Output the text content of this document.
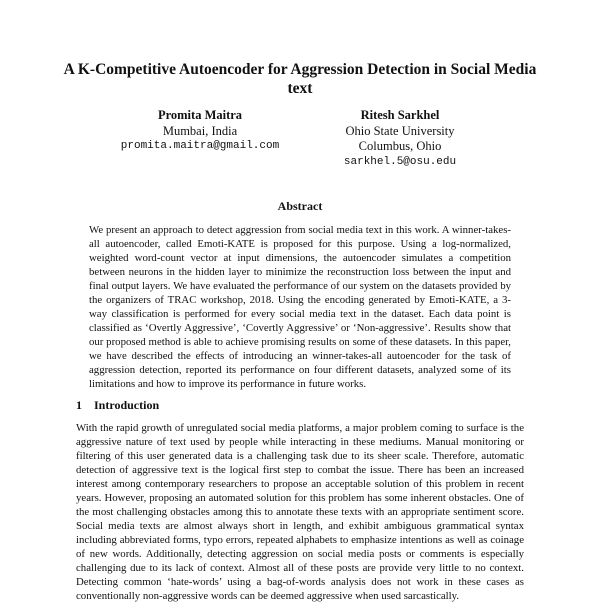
A K-Competitive Autoencoder for Aggression Detection in Social Media text
Promita Maitra
Mumbai, India
promita.maitra@gmail.com
Ritesh Sarkhel
Ohio State University
Columbus, Ohio
sarkhel.5@osu.edu
Abstract
We present an approach to detect aggression from social media text in this work. A winner-takes-all autoencoder, called Emoti-KATE is proposed for this purpose. Using a log-normalized, weighted word-count vector at input dimensions, the autoencoder simulates a competition between neurons in the hidden layer to minimize the reconstruction loss between the input and final output layers. We have evaluated the performance of our system on the datasets provided by the organizers of TRAC workshop, 2018. Using the encoding generated by Emoti-KATE, a 3-way classification is performed for every social media text in the dataset. Each data point is classified as ‘Overtly Aggressive’, ‘Covertly Aggressive’ or ‘Non-aggressive’. Results show that our proposed method is able to achieve promising results on some of these datasets. In this paper, we have described the effects of introducing an winner-takes-all autoencoder for the task of aggression detection, reported its performance on four different datasets, analyzed some of its limitations and how to improve its performance in future works.
1 Introduction
With the rapid growth of unregulated social media platforms, a major problem coming to surface is the aggressive nature of text used by people while interacting in these mediums. Manual monitoring or filtering of this user generated data is a challenging task due to its sheer scale. Therefore, automatic detection of aggressive text is the logical first step to combat the issue. There has been an increased interest among contemporary researchers to propose an acceptable solution of this problem in recent years. However, proposing an automated solution for this problem has some inherent obstacles. One of the most challenging obstacles among this to annotate these texts with an appropriate sentiment score. Social media texts are almost always short in length, and exhibit ambiguous grammatical syntax including abbreviated forms, typo errors, repeated alphabets to emphasize intentions as well as coinage of new words. Additionally, detecting aggression on social media posts or comments is especially challenging due to its lack of context. Almost all of these posts are provide very little to no context. Detecting common ‘hate-words’ using a bag-of-words analysis does not work in these cases as conventionally non-aggressive words can be deemed aggressive when used sarcastically.
